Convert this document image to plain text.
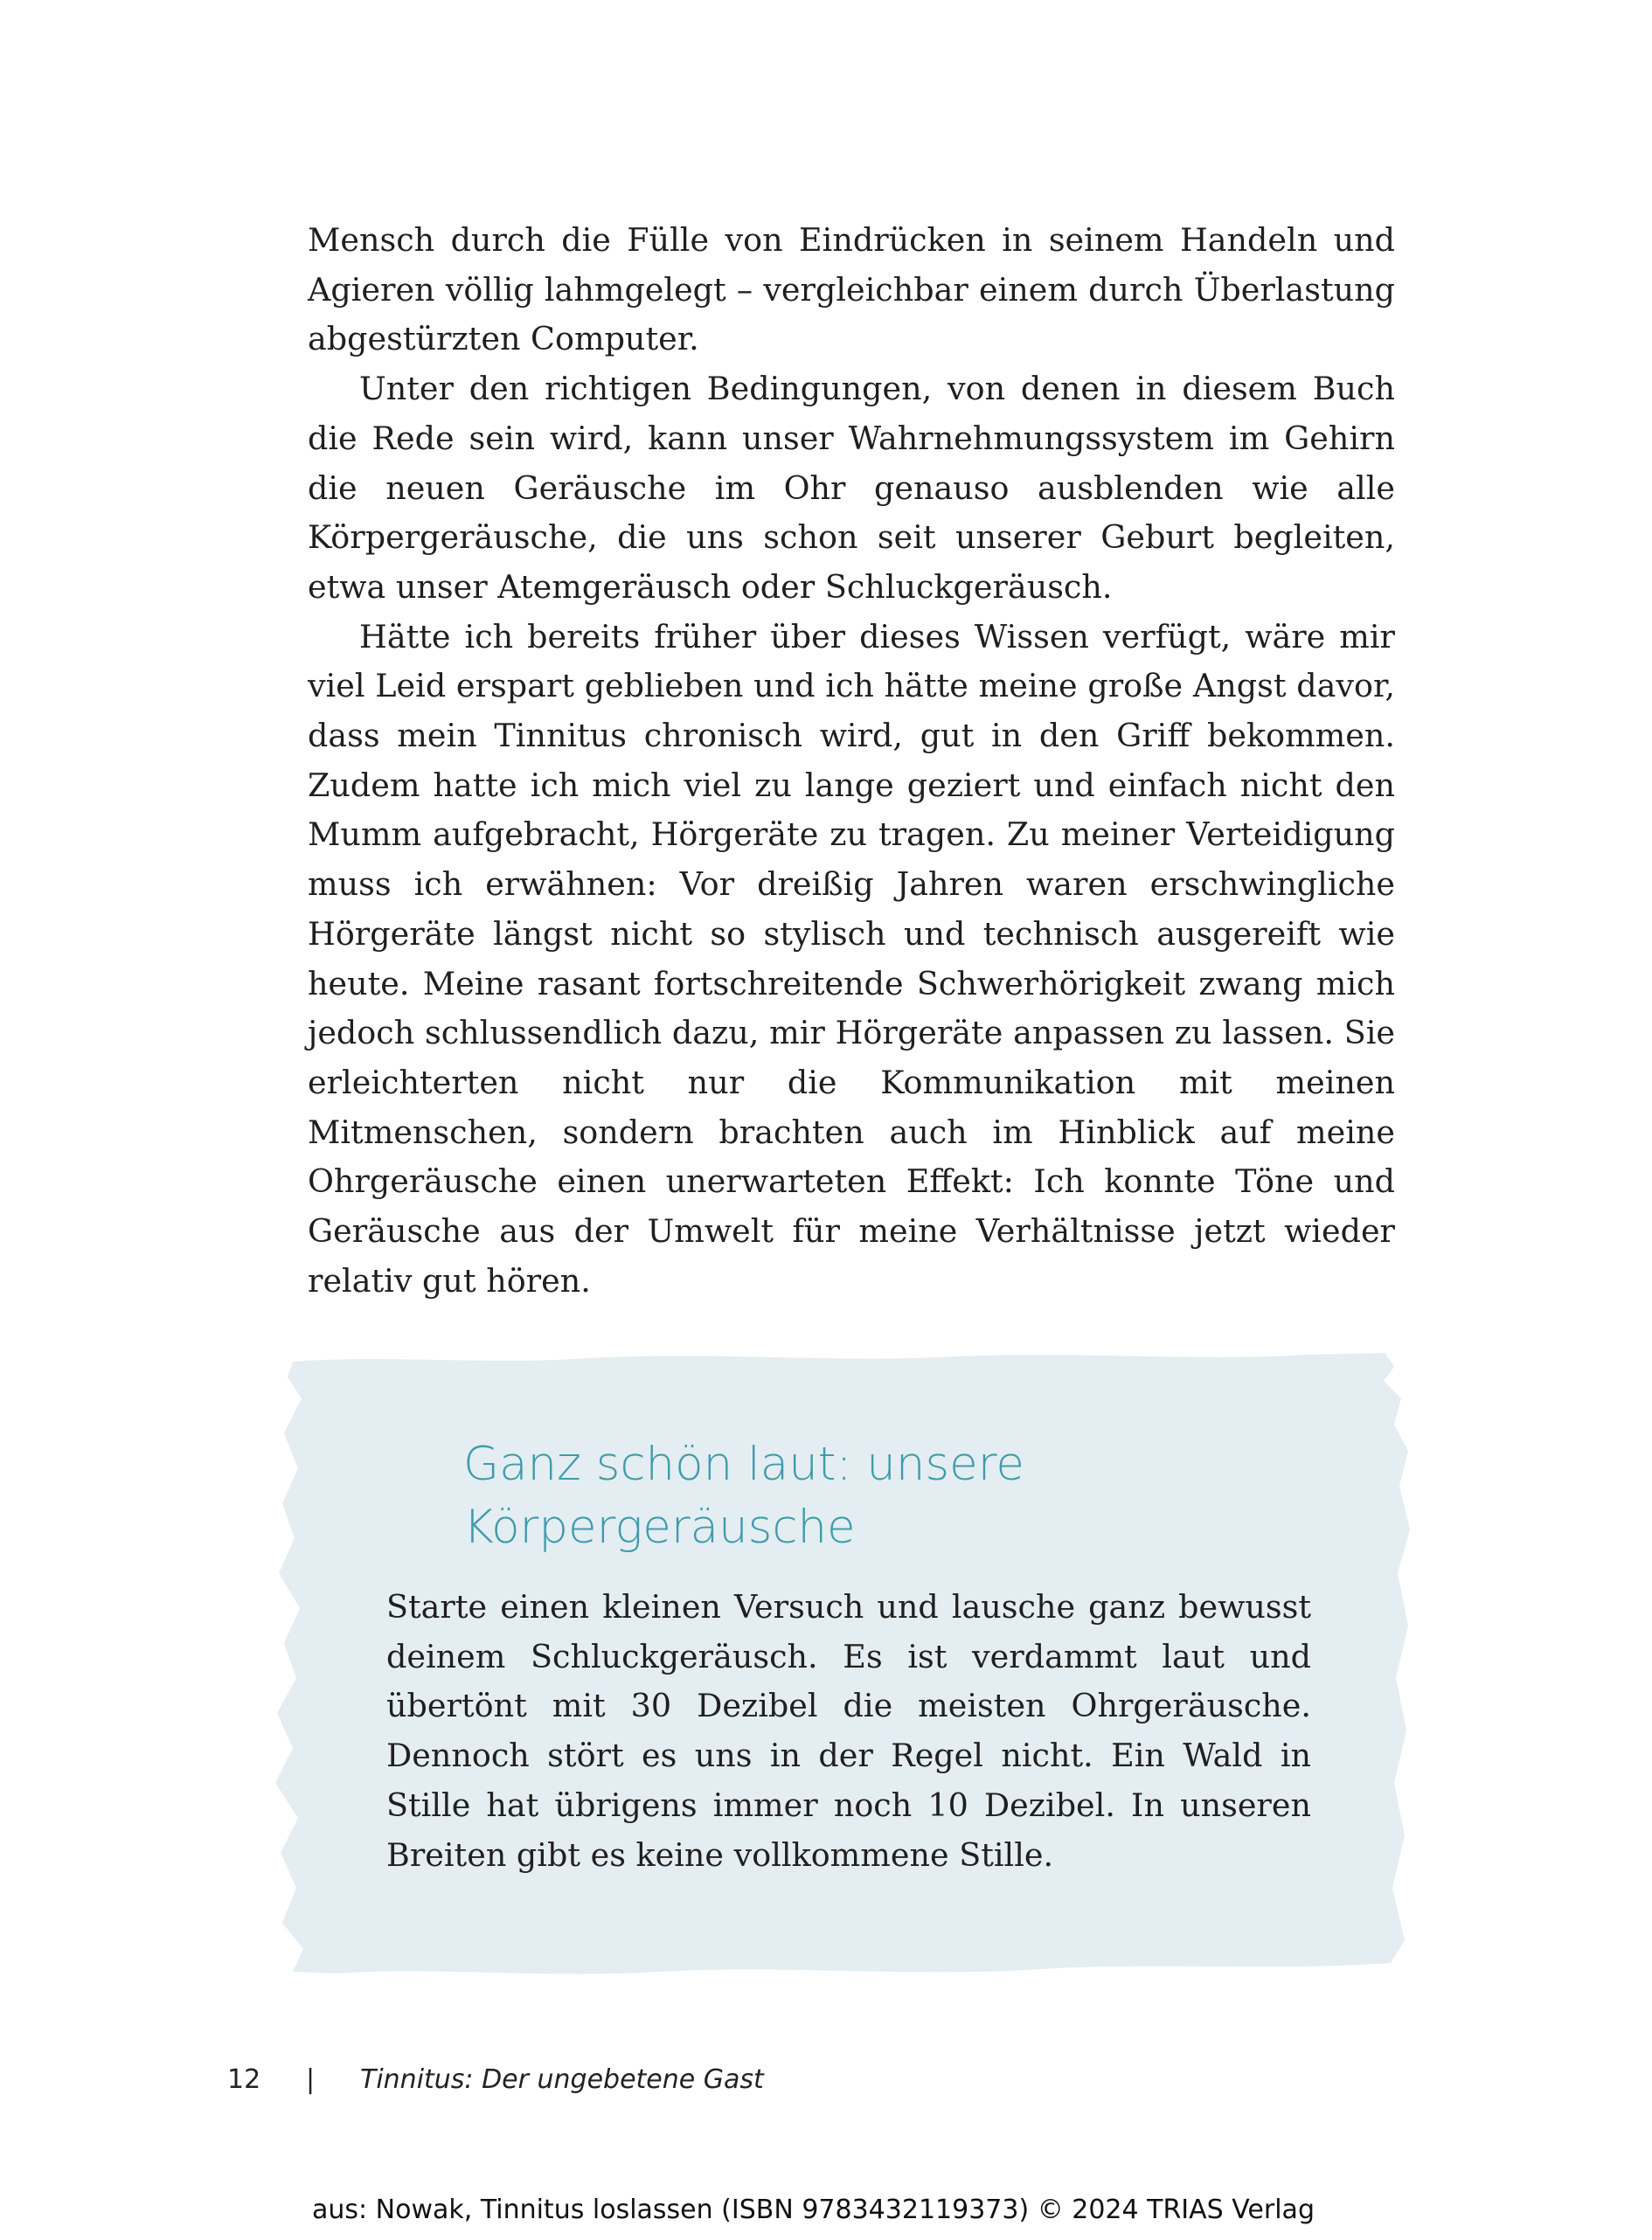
Mensch durch die Fülle von Eindrücken in seinem Handeln und Agieren völlig lahmgelegt – vergleichbar einem durch Überlastung abgestürzten Computer.

Unter den richtigen Bedingungen, von denen in diesem Buch die Rede sein wird, kann unser Wahrnehmungssystem im Gehirn die neuen Geräusche im Ohr genauso ausblenden wie alle Körpergeräusche, die uns schon seit unserer Geburt begleiten, etwa unser Atemgeräusch oder Schluckgeräusch.

Hätte ich bereits früher über dieses Wissen verfügt, wäre mir viel Leid erspart geblieben und ich hätte meine große Angst davor, dass mein Tinnitus chronisch wird, gut in den Griff bekommen. Zudem hatte ich mich viel zu lange geziert und einfach nicht den Mumm aufgebracht, Hörgeräte zu tragen. Zu meiner Verteidigung muss ich erwähnen: Vor dreißig Jahren waren erschwingliche Hörgeräte längst nicht so stylisch und technisch ausgereift wie heute. Meine rasant fortschreitende Schwerhörigkeit zwang mich jedoch schlussendlich dazu, mir Hörgeräte anpassen zu lassen. Sie erleichterten nicht nur die Kommunikation mit meinen Mitmenschen, sondern brachten auch im Hinblick auf meine Ohrgeräusche einen unerwarteten Effekt: Ich konnte Töne und Geräusche aus der Umwelt für meine Verhältnisse jetzt wieder relativ gut hören.

Ganz schön laut: unsere Körpergeräusche

Starte einen kleinen Versuch und lausche ganz bewusst deinem Schluckgeräusch. Es ist verdammt laut und übertönt mit 30 Dezibel die meisten Ohrgeräusche. Dennoch stört es uns in der Regel nicht. Ein Wald in Stille hat übrigens immer noch 10 Dezibel. In unseren Breiten gibt es keine vollkommene Stille.

12 | Tinnitus: Der ungebetene Gast
aus: Nowak, Tinnitus loslassen (ISBN 9783432119373) © 2024 TRIAS Verlag
